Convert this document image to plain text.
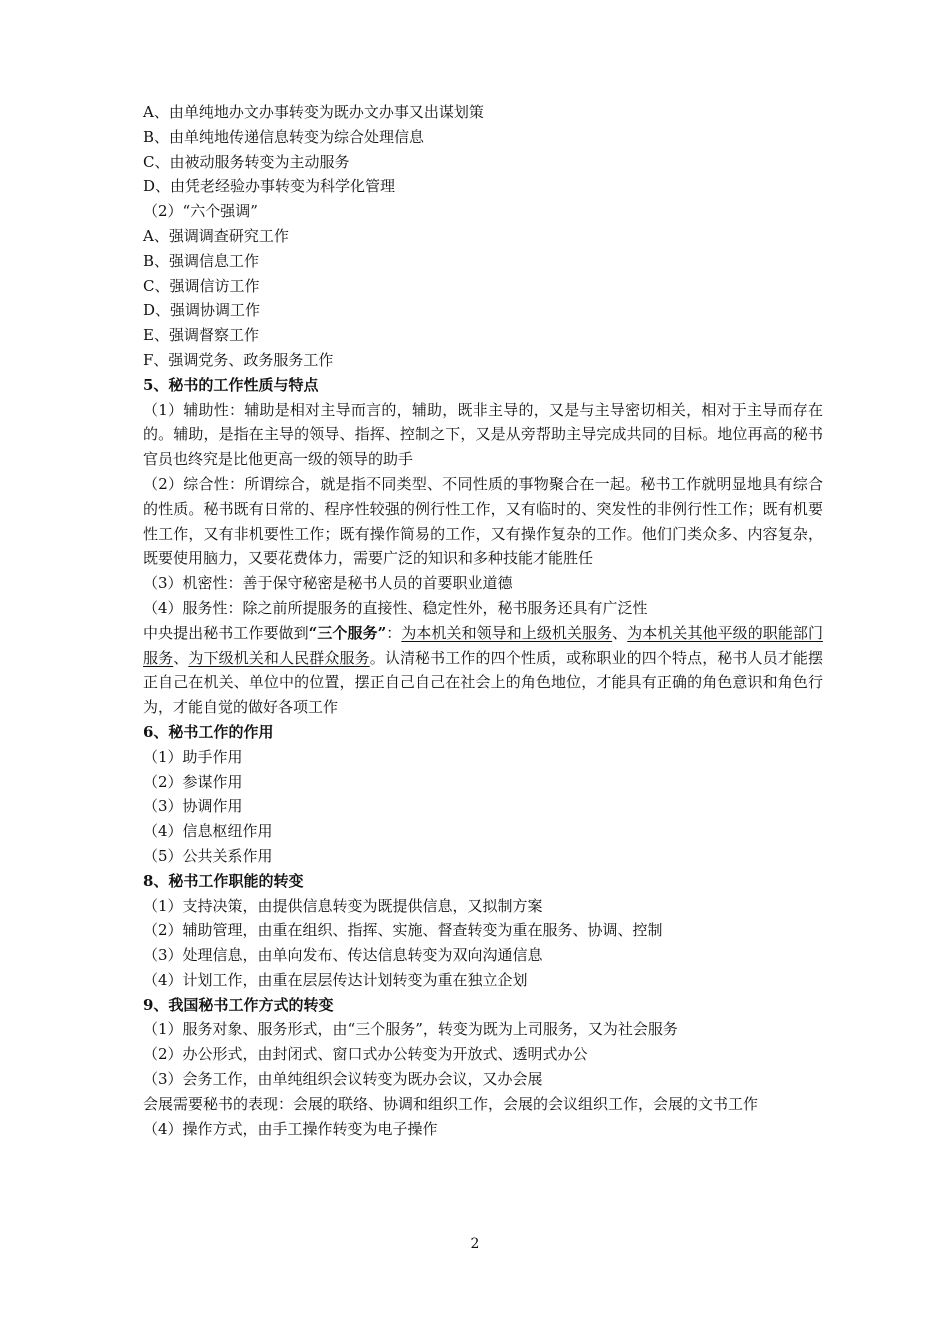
A、由单纯地办文办事转变为既办文办事又出谋划策

B、由单纯地传递信息转变为综合处理信息

C、由被动服务转变为主动服务

D、由凭老经验办事转变为科学化管理

（2）“六个强调”

A、强调调查研究工作

B、强调信息工作

C、强调信访工作

D、强调协调工作

E、强调督察工作

F、强调党务、政务服务工作

5、秘书的工作性质与特点

（1）辅助性：辅助是相对主导而言的，辅助，既非主导的，又是与主导密切相关，相对于主导而存在的。辅助，是指在主导的领导、指挥、控制之下，又是从旁帮助主导完成共同的目标。地位再高的秘书官员也终究是比他更高一级的领导的助手

（2）综合性：所谓综合，就是指不同类型、不同性质的事物聚合在一起。秘书工作就明显地具有综合的性质。秘书既有日常的、程序性较强的例行性工作，又有临时的、突发性的非例行性工作；既有机要性工作，又有非机要性工作；既有操作简易的工作，又有操作复杂的工作。他们门类众多、内容复杂，既要使用脑力，又要花费体力，需要广泛的知识和多种技能才能胜任

（3）机密性：善于保守秘密是秘书人员的首要职业道德

（4）服务性：除之前所提服务的直接性、稳定性外，秘书服务还具有广泛性

中央提出秘书工作要做到“三个服务”：为本机关和领导和上级机关服务、为本机关其他平级的职能部门服务、为下级机关和人民群众服务。认清秘书工作的四个性质，或称职业的四个特点，秘书人员才能摆正自己在机关、单位中的位置，摆正自己自己在社会上的角色地位，才能具有正确的角色意识和角色行为，才能自觉的做好各项工作

6、秘书工作的作用

（1）助手作用

（2）参谋作用

（3）协调作用

（4）信息枢纽作用

（5）公共关系作用

8、秘书工作职能的转变

（1）支持决策，由提供信息转变为既提供信息，又拟制方案

（2）辅助管理，由重在组织、指挥、实施、督查转变为重在服务、协调、控制

（3）处理信息，由单向发布、传达信息转变为双向沟通信息

（4）计划工作，由重在层层传达计划转变为重在独立企划

9、我国秘书工作方式的转变

（1）服务对象、服务形式，由“三个服务”，转变为既为上司服务，又为社会服务

（2）办公形式，由封闭式、窗口式办公转变为开放式、透明式办公

（3）会务工作，由单纯组织会议转变为既办会议，又办会展

会展需要秘书的表现：会展的联络、协调和组织工作，会展的会议组织工作，会展的文书工作

（4）操作方式，由手工操作转变为电子操作

2
